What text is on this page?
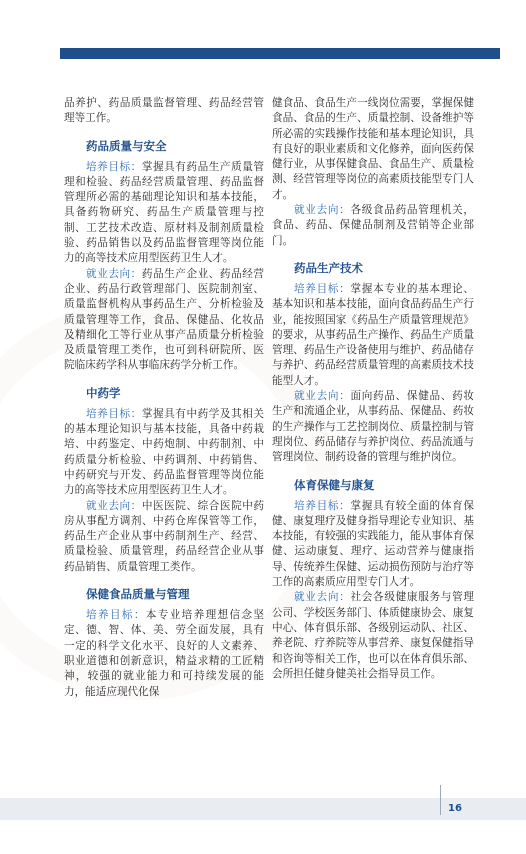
品养护、药品质量监督管理、药品经营管理等工作。

药品质量与安全

培养目标：掌握具有药品生产质量管理和检验、药品经营质量管理、药品监督管理所必需的基础理论知识和基本技能，具备药物研究、药品生产质量管理与控制、工艺技术改造、原材料及制剂质量检验、药品销售以及药品监督管理等岗位能力的高等技术应用型医药卫生人才。

就业去向：药品生产企业、药品经营企业、药品行政管理部门、医院制剂室、质量监督机构从事药品生产、分析检验及质量管理等工作，食品、保健品、化妆品及精细化工等行业从事产品质量分析检验及质量管理工类作，也可到科研院所、医院临床药学科从事临床药学分析工作。

中药学

培养目标：掌握具有中药学及其相关的基本理论知识与基本技能，具备中药栽培、中药鉴定、中药炮制、中药制剂、中药质量分析检验、中药调剂、中药销售、中药研究与开发、药品监督管理等岗位能力的高等技术应用型医药卫生人才。

就业去向：中医医院、综合医院中药房从事配方调剂、中药仓库保管等工作，药品生产企业从事中药制剂生产、经营、质量检验、质量管理，药品经营企业从事药品销售、质量管理工类作。

保健食品质量与管理

培养目标：本专业培养理想信念坚定、德、智、体、美、劳全面发展，具有一定的科学文化水平、良好的人文素养、职业道德和创新意识，精益求精的工匠精神，较强的就业能力和可持续发展的能力，能适应现代化保

健食品、食品生产一线岗位需要，掌握保健食品、食品的生产、质量控制、设备维护等所必需的实践操作技能和基本理论知识，具有良好的职业素质和文化修养，面向医药保健行业，从事保健食品、食品生产、质量检测、经营管理等岗位的高素质技能型专门人才。

就业去向：各级食品药品管理机关，食品、药品、保健品制剂及营销等企业部门。

药品生产技术

培养目标：掌握本专业的基本理论、基本知识和基本技能，面向食品药品生产行业，能按照国家《药品生产质量管理规范》的要求，从事药品生产操作、药品生产质量管理、药品生产设备使用与维护、药品储存与养护、药品经营质量管理的高素质技术技能型人才。

就业去向：面向药品、保健品、药妆生产和流通企业，从事药品、保健品、药妆的生产操作与工艺控制岗位、质量控制与管理岗位、药品储存与养护岗位、药品流通与管理岗位、制药设备的管理与维护岗位。

体育保健与康复

培养目标：掌握具有较全面的体育保健、康复理疗及健身指导理论专业知识、基本技能，有较强的实践能力，能从事体育保健、运动康复、理疗、运动营养与健康指导、传统养生保健、运动损伤预防与治疗等工作的高素质应用型专门人才。

就业去向：社会各级健康服务与管理公司、学校医务部门、体质健康协会、康复中心、体育俱乐部、各级别运动队、社区、养老院、疗养院等从事营养、康复保健指导和咨询等相关工作，也可以在体育俱乐部、会所担任健身健美社会指导员工作。

16
